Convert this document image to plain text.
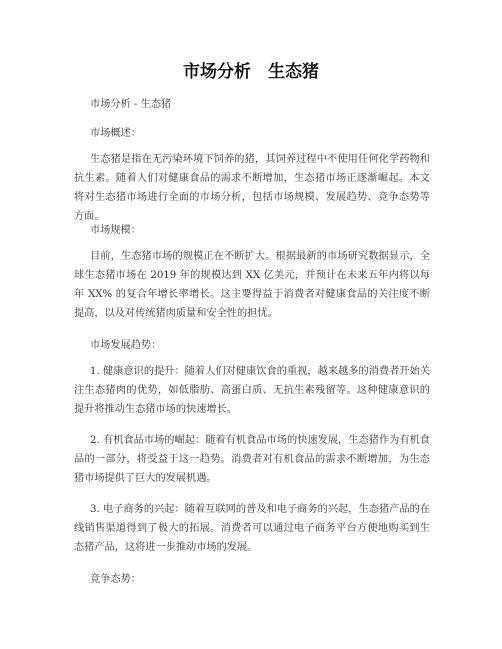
市场分析　生态猪
市场分析 - 生态猪
市场概述：
生态猪是指在无污染环境下饲养的猪，其饲养过程中不使用任何化学药物和抗生素。随着人们对健康食品的需求不断增加，生态猪市场正逐渐崛起。本文将对生态猪市场进行全面的市场分析，包括市场规模、发展趋势、竞争态势等方面。
市场规模：
目前，生态猪市场的规模正在不断扩大。根据最新的市场研究数据显示，全球生态猪市场在 2019 年的规模达到 XX 亿美元，并预计在未来五年内将以每年 XX% 的复合年增长率增长。这主要得益于消费者对健康食品的关注度不断提高，以及对传统猪肉质量和安全性的担忧。
市场发展趋势：
1. 健康意识的提升：随着人们对健康饮食的重视，越来越多的消费者开始关注生态猪肉的优势，如低脂肪、高蛋白质、无抗生素残留等。这种健康意识的提升将推动生态猪市场的快速增长。
2. 有机食品市场的崛起：随着有机食品市场的快速发展，生态猪作为有机食品的一部分，将受益于这一趋势。消费者对有机食品的需求不断增加，为生态猪市场提供了巨大的发展机遇。
3. 电子商务的兴起：随着互联网的普及和电子商务的兴起，生态猪产品的在线销售渠道得到了极大的拓展。消费者可以通过电子商务平台方便地购买到生态猪产品，这将进一步推动市场的发展。
竞争态势：
